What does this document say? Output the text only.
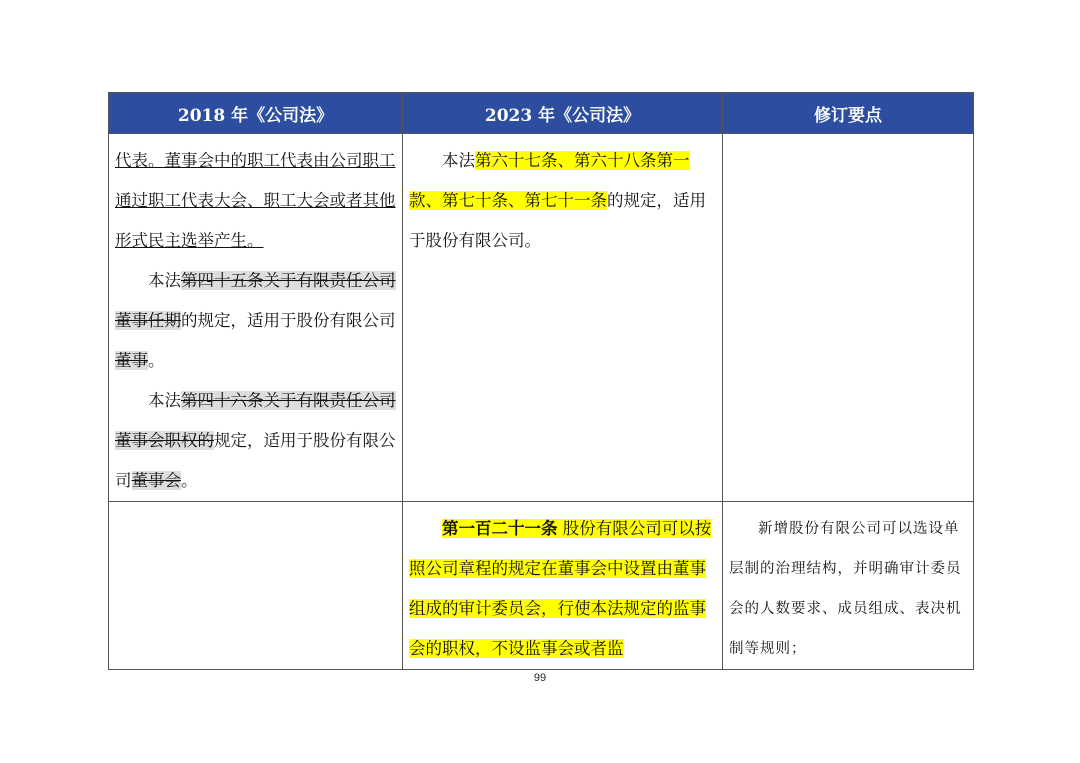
2018 年《公司法》	2023 年《公司法》	修订要点

代表。董事会中的职工代表由公司职工通过职工代表大会、职工大会或者其他形式民主选举产生。

本法第四十五条关于有限责任公司董事任期的规定，适用于股份有限公司董事。

本法第四十六条关于有限责任公司董事会职权的规定，适用于股份有限公司董事会。	本法第六十七条、第六十八条第一款、第七十条、第七十一条的规定，适用于股份有限公司。	

	第一百二十一条 股份有限公司可以按照公司章程的规定在董事会中设置由董事组成的审计委员会，行使本法规定的监事会的职权，不设监事会或者监	新增股份有限公司可以选设单层制的治理结构，并明确审计委员会的人数要求、成员组成、表决机制等规则；

99
